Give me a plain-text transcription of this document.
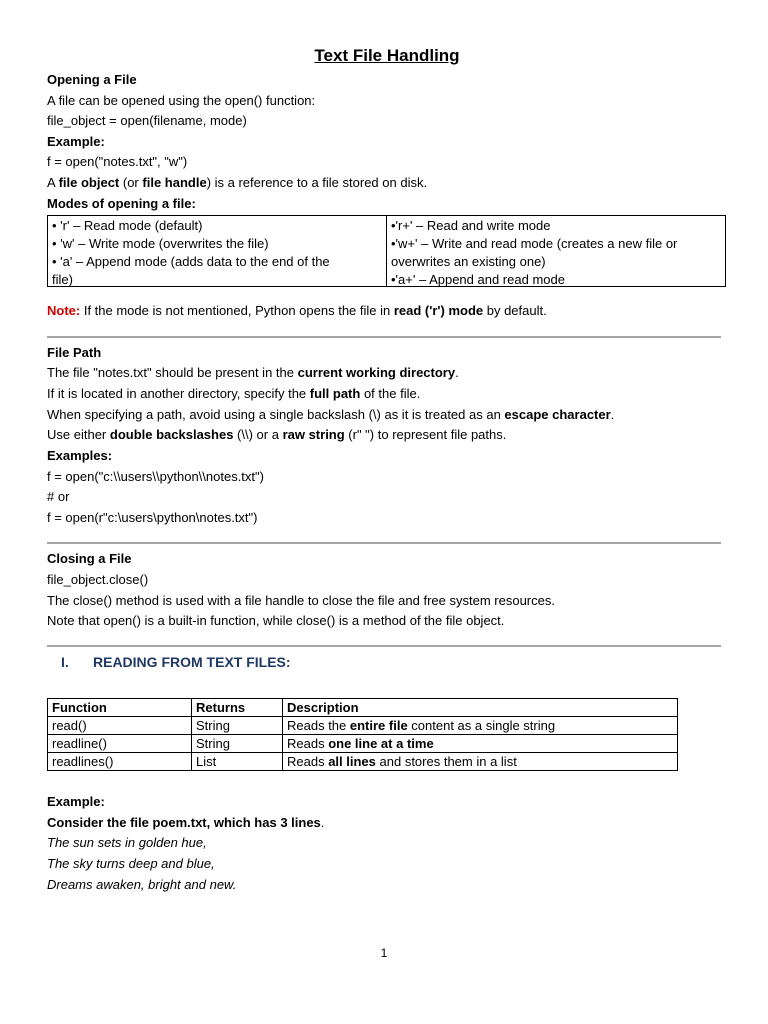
Text File Handling
Opening a File
A file can be opened using the open() function:
file_object = open(filename, mode)
Example:
f = open("notes.txt", "w")
A file object (or file handle) is a reference to a file stored on disk.
Modes of opening a file:
• 'r' – Read mode (default)
• 'w' – Write mode (overwrites the file)
• 'a' – Append mode (adds data to the end of the
file)
•'r+' – Read and write mode
•'w+' – Write and read mode (creates a new file or
overwrites an existing one)
•'a+' – Append and read mode
Note: If the mode is not mentioned, Python opens the file in read ('r') mode by default.
File Path
The file "notes.txt" should be present in the current working directory.
If it is located in another directory, specify the full path of the file.
When specifying a path, avoid using a single backslash (\) as it is treated as an escape character.
Use either double backslashes (\\) or a raw string (r" ") to represent file paths.
Examples:
f = open("c:\\users\\python\\notes.txt")
# or
f = open(r"c:\users\python\notes.txt")
Closing a File
file_object.close()
The close() method is used with a file handle to close the file and free system resources.
Note that open() is a built-in function, while close() is a method of the file object.
I. READING FROM TEXT FILES:
Function	Returns	Description
read()	String	Reads the entire file content as a single string
readline()	String	Reads one line at a time
readlines()	List	Reads all lines and stores them in a list
Example:
Consider the file poem.txt, which has 3 lines.
The sun sets in golden hue,
The sky turns deep and blue,
Dreams awaken, bright and new.
1
